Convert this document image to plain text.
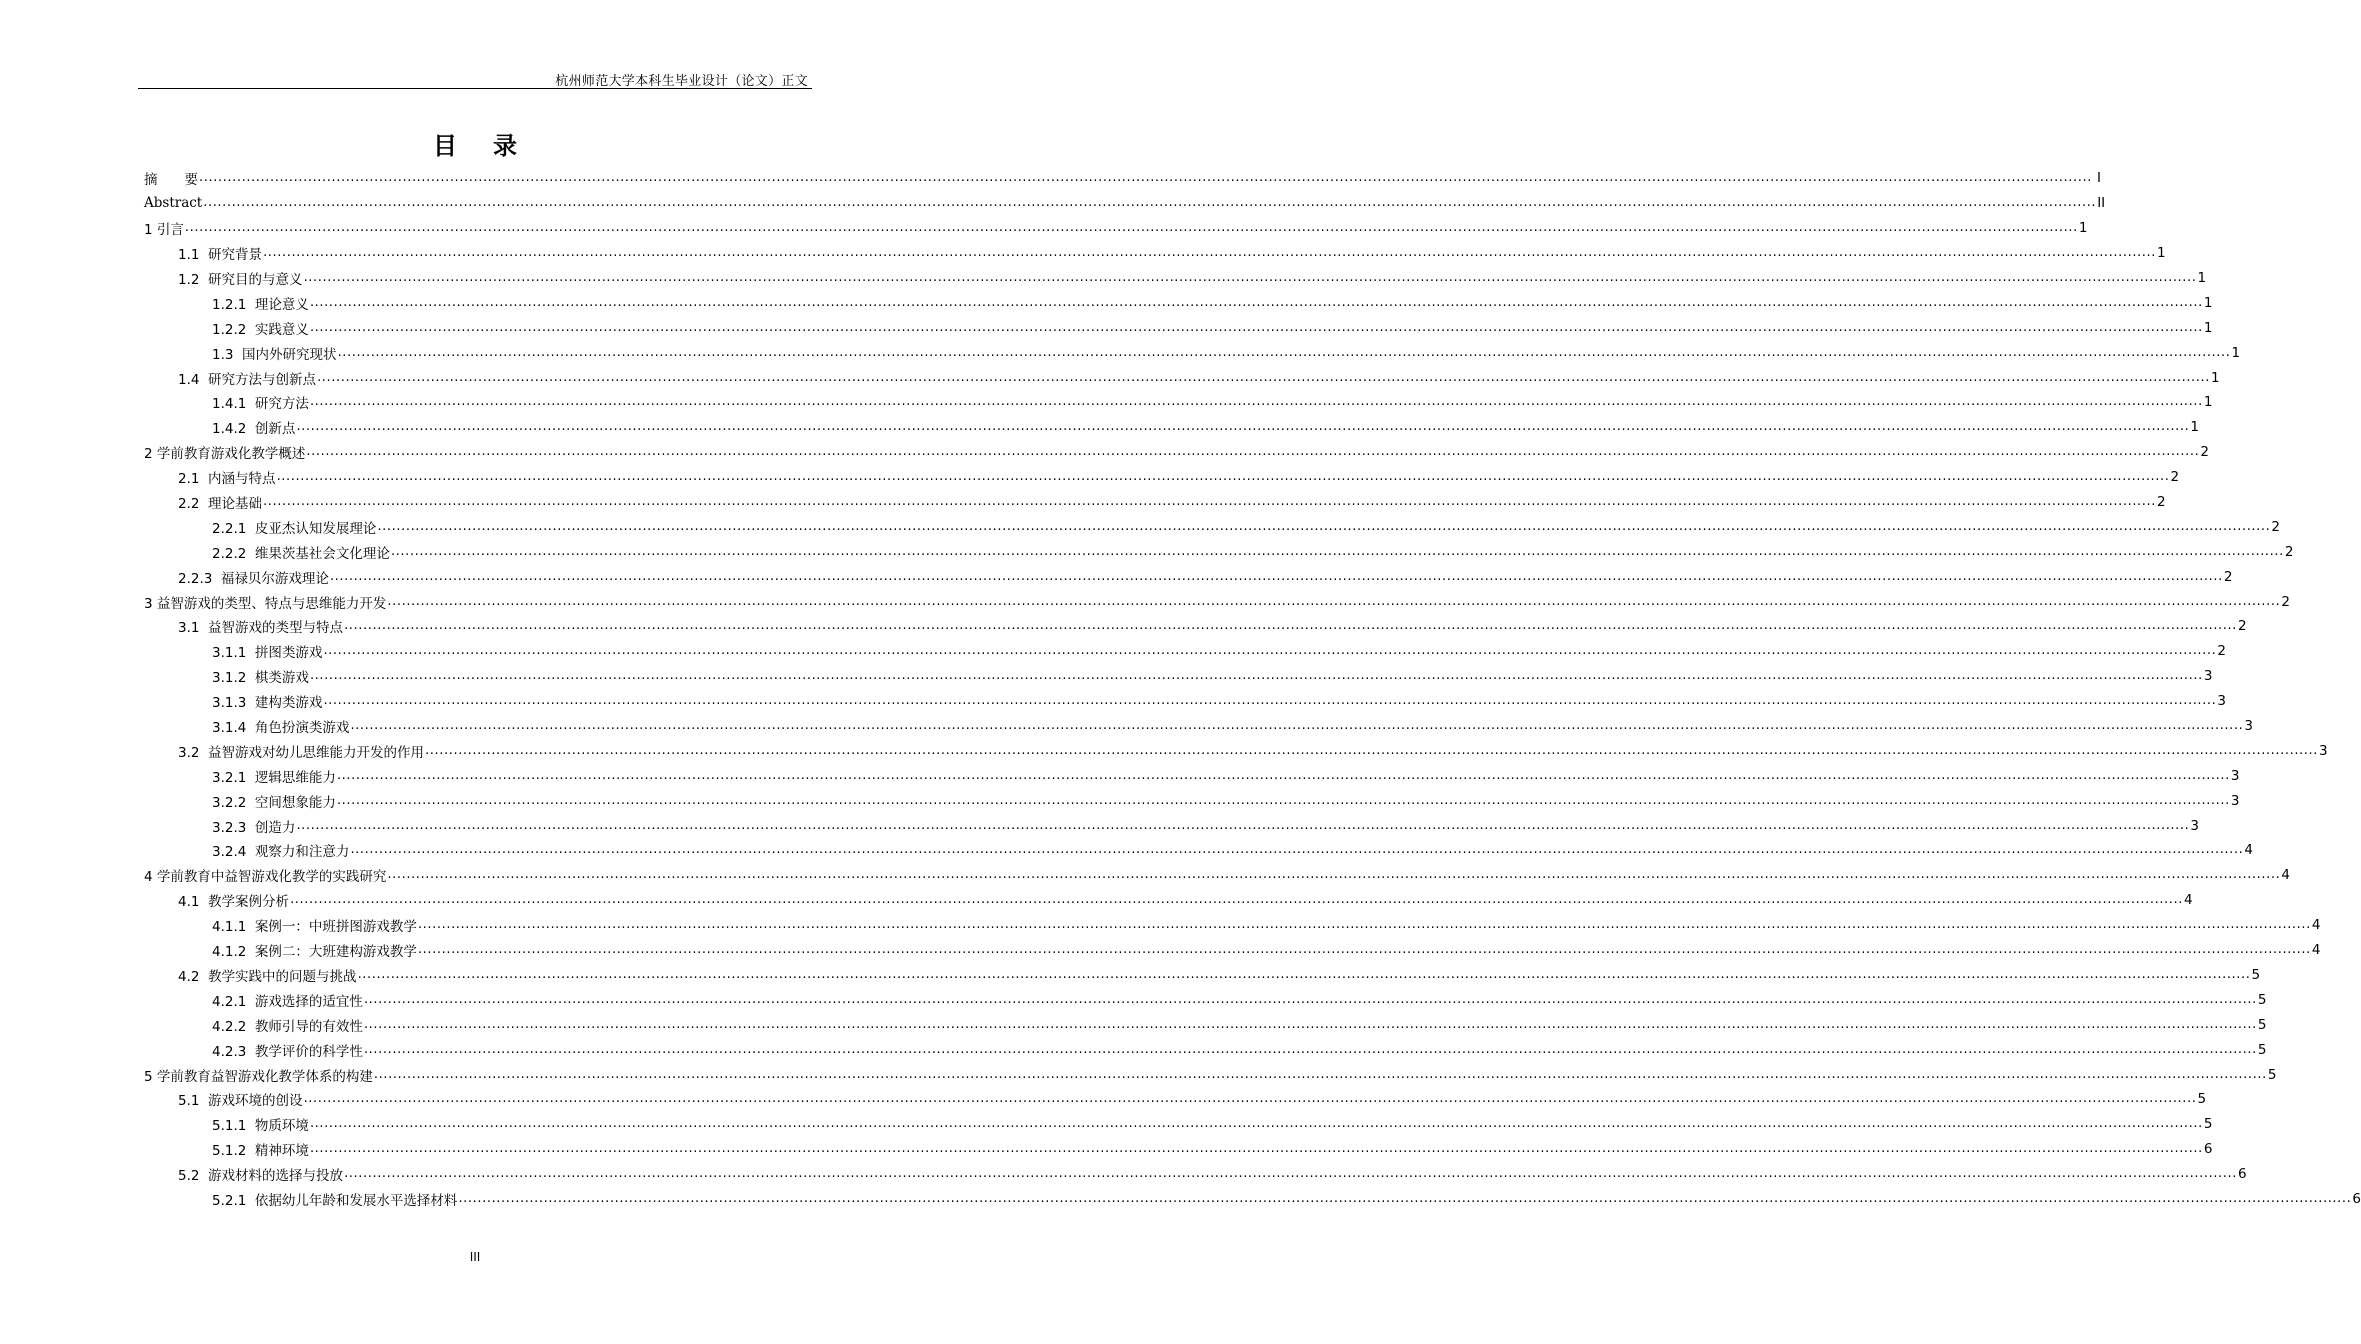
杭州师范大学本科生毕业设计（论文）正文
目录
摘　　要 ................................................................................................................................................................................................................................................................................................................................................................................................................ I
Abstract ................................................................................................................................................................................................................................................................................................................................................................................................................ II
1 引言 ................................................................................................................................................................................................................................................................................................................................................................................................................ 1
1.1  研究背景 ................................................................................................................................................................................................................................................................................................................................................................................................................ 1
1.2  研究目的与意义 ................................................................................................................................................................................................................................................................................................................................................................................................................ 1
1.2.1  理论意义 ................................................................................................................................................................................................................................................................................................................................................................................................................ 1
1.2.2  实践意义 ................................................................................................................................................................................................................................................................................................................................................................................................................ 1
1.3  国内外研究现状 ................................................................................................................................................................................................................................................................................................................................................................................................................ 1
1.4  研究方法与创新点 ................................................................................................................................................................................................................................................................................................................................................................................................................ 1
1.4.1  研究方法 ................................................................................................................................................................................................................................................................................................................................................................................................................ 1
1.4.2  创新点 ................................................................................................................................................................................................................................................................................................................................................................................................................ 1
2 学前教育游戏化教学概述 ................................................................................................................................................................................................................................................................................................................................................................................................................ 2
2.1  内涵与特点 ................................................................................................................................................................................................................................................................................................................................................................................................................ 2
2.2  理论基础 ................................................................................................................................................................................................................................................................................................................................................................................................................ 2
2.2.1  皮亚杰认知发展理论 ................................................................................................................................................................................................................................................................................................................................................................................................................ 2
2.2.2  维果茨基社会文化理论 ................................................................................................................................................................................................................................................................................................................................................................................................................ 2
2.2.3  福禄贝尔游戏理论 ................................................................................................................................................................................................................................................................................................................................................................................................................ 2
3 益智游戏的类型、特点与思维能力开发 ................................................................................................................................................................................................................................................................................................................................................................................................................ 2
3.1  益智游戏的类型与特点 ................................................................................................................................................................................................................................................................................................................................................................................................................ 2
3.1.1  拼图类游戏 ................................................................................................................................................................................................................................................................................................................................................................................................................ 2
3.1.2  棋类游戏 ................................................................................................................................................................................................................................................................................................................................................................................................................ 3
3.1.3  建构类游戏 ................................................................................................................................................................................................................................................................................................................................................................................................................ 3
3.1.4  角色扮演类游戏 ................................................................................................................................................................................................................................................................................................................................................................................................................ 3
3.2  益智游戏对幼儿思维能力开发的作用 ................................................................................................................................................................................................................................................................................................................................................................................................................ 3
3.2.1  逻辑思维能力 ................................................................................................................................................................................................................................................................................................................................................................................................................ 3
3.2.2  空间想象能力 ................................................................................................................................................................................................................................................................................................................................................................................................................ 3
3.2.3  创造力 ................................................................................................................................................................................................................................................................................................................................................................................................................ 3
3.2.4  观察力和注意力 ................................................................................................................................................................................................................................................................................................................................................................................................................ 4
4 学前教育中益智游戏化教学的实践研究 ................................................................................................................................................................................................................................................................................................................................................................................................................ 4
4.1  教学案例分析 ................................................................................................................................................................................................................................................................................................................................................................................................................ 4
4.1.1  案例一：中班拼图游戏教学 ................................................................................................................................................................................................................................................................................................................................................................................................................ 4
4.1.2  案例二：大班建构游戏教学 ................................................................................................................................................................................................................................................................................................................................................................................................................ 4
4.2  教学实践中的问题与挑战 ................................................................................................................................................................................................................................................................................................................................................................................................................ 5
4.2.1  游戏选择的适宜性 ................................................................................................................................................................................................................................................................................................................................................................................................................ 5
4.2.2  教师引导的有效性 ................................................................................................................................................................................................................................................................................................................................................................................................................ 5
4.2.3  教学评价的科学性 ................................................................................................................................................................................................................................................................................................................................................................................................................ 5
5 学前教育益智游戏化教学体系的构建 ................................................................................................................................................................................................................................................................................................................................................................................................................ 5
5.1  游戏环境的创设 ................................................................................................................................................................................................................................................................................................................................................................................................................ 5
5.1.1  物质环境 ................................................................................................................................................................................................................................................................................................................................................................................................................ 5
5.1.2  精神环境 ................................................................................................................................................................................................................................................................................................................................................................................................................ 6
5.2  游戏材料的选择与投放 ................................................................................................................................................................................................................................................................................................................................................................................................................ 6
5.2.1  依据幼儿年龄和发展水平选择材料 ................................................................................................................................................................................................................................................................................................................................................................................................................ 6
III
